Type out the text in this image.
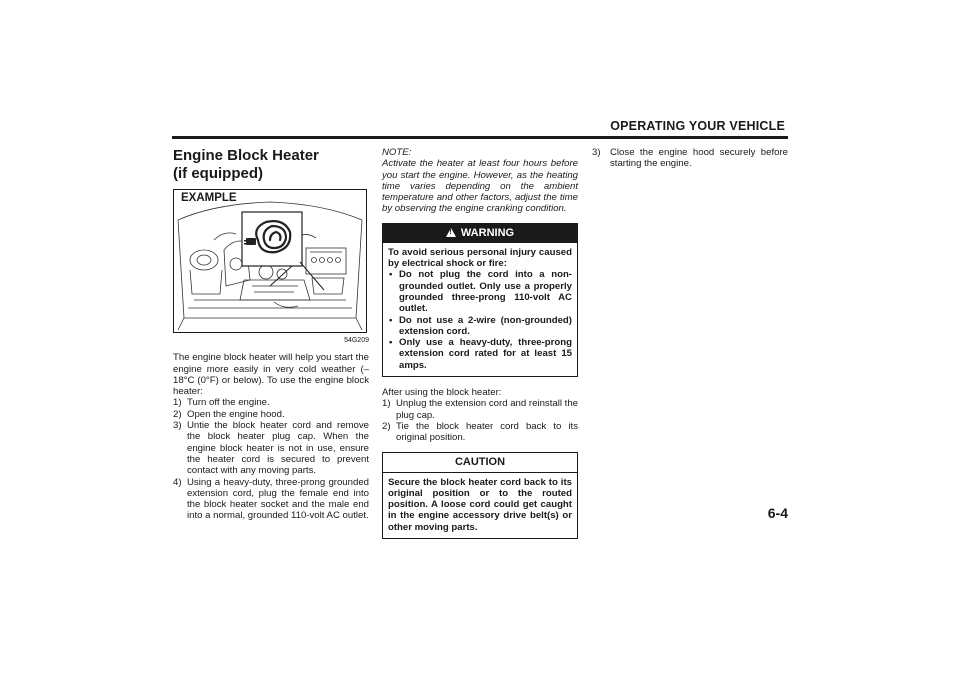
OPERATING YOUR VEHICLE
Engine Block Heater
(if equipped)
EXAMPLE
54G209

The engine block heater will help you start the engine more easily in very cold weather (–18°C (0°F) or below). To use the engine block heater:

1) Turn off the engine.
2) Open the engine hood.
3) Untie the block heater cord and remove the block heater plug cap. When the engine block heater is not in use, ensure the heater cord is secured to prevent contact with any moving parts.
4) Using a heavy-duty, three-prong grounded extension cord, plug the female end into the block heater socket and the male end into a normal, grounded 110-volt AC outlet.
NOTE:
Activate the heater at least four hours before you start the engine. However, as the heating time varies depending on the ambient temperature and other factors, adjust the time by observing the engine cranking condition.
!WARNING
To avoid serious personal injury caused by electrical shock or fire:
• Do not plug the cord into a non-grounded outlet. Only use a properly grounded three-prong 110-volt AC outlet.
• Do not use a 2-wire (non-grounded) extension cord.
• Only use a heavy-duty, three-prong extension cord rated for at least 15 amps.

After using the block heater:

1) Unplug the extension cord and reinstall the plug cap.
2) Tie the block heater cord back to its original position.
CAUTION
Secure the block heater cord back to its original position or to the routed position. A loose cord could get caught in the engine accessory drive belt(s) or other moving parts.
3) Close the engine hood securely before starting the engine.
6-4
